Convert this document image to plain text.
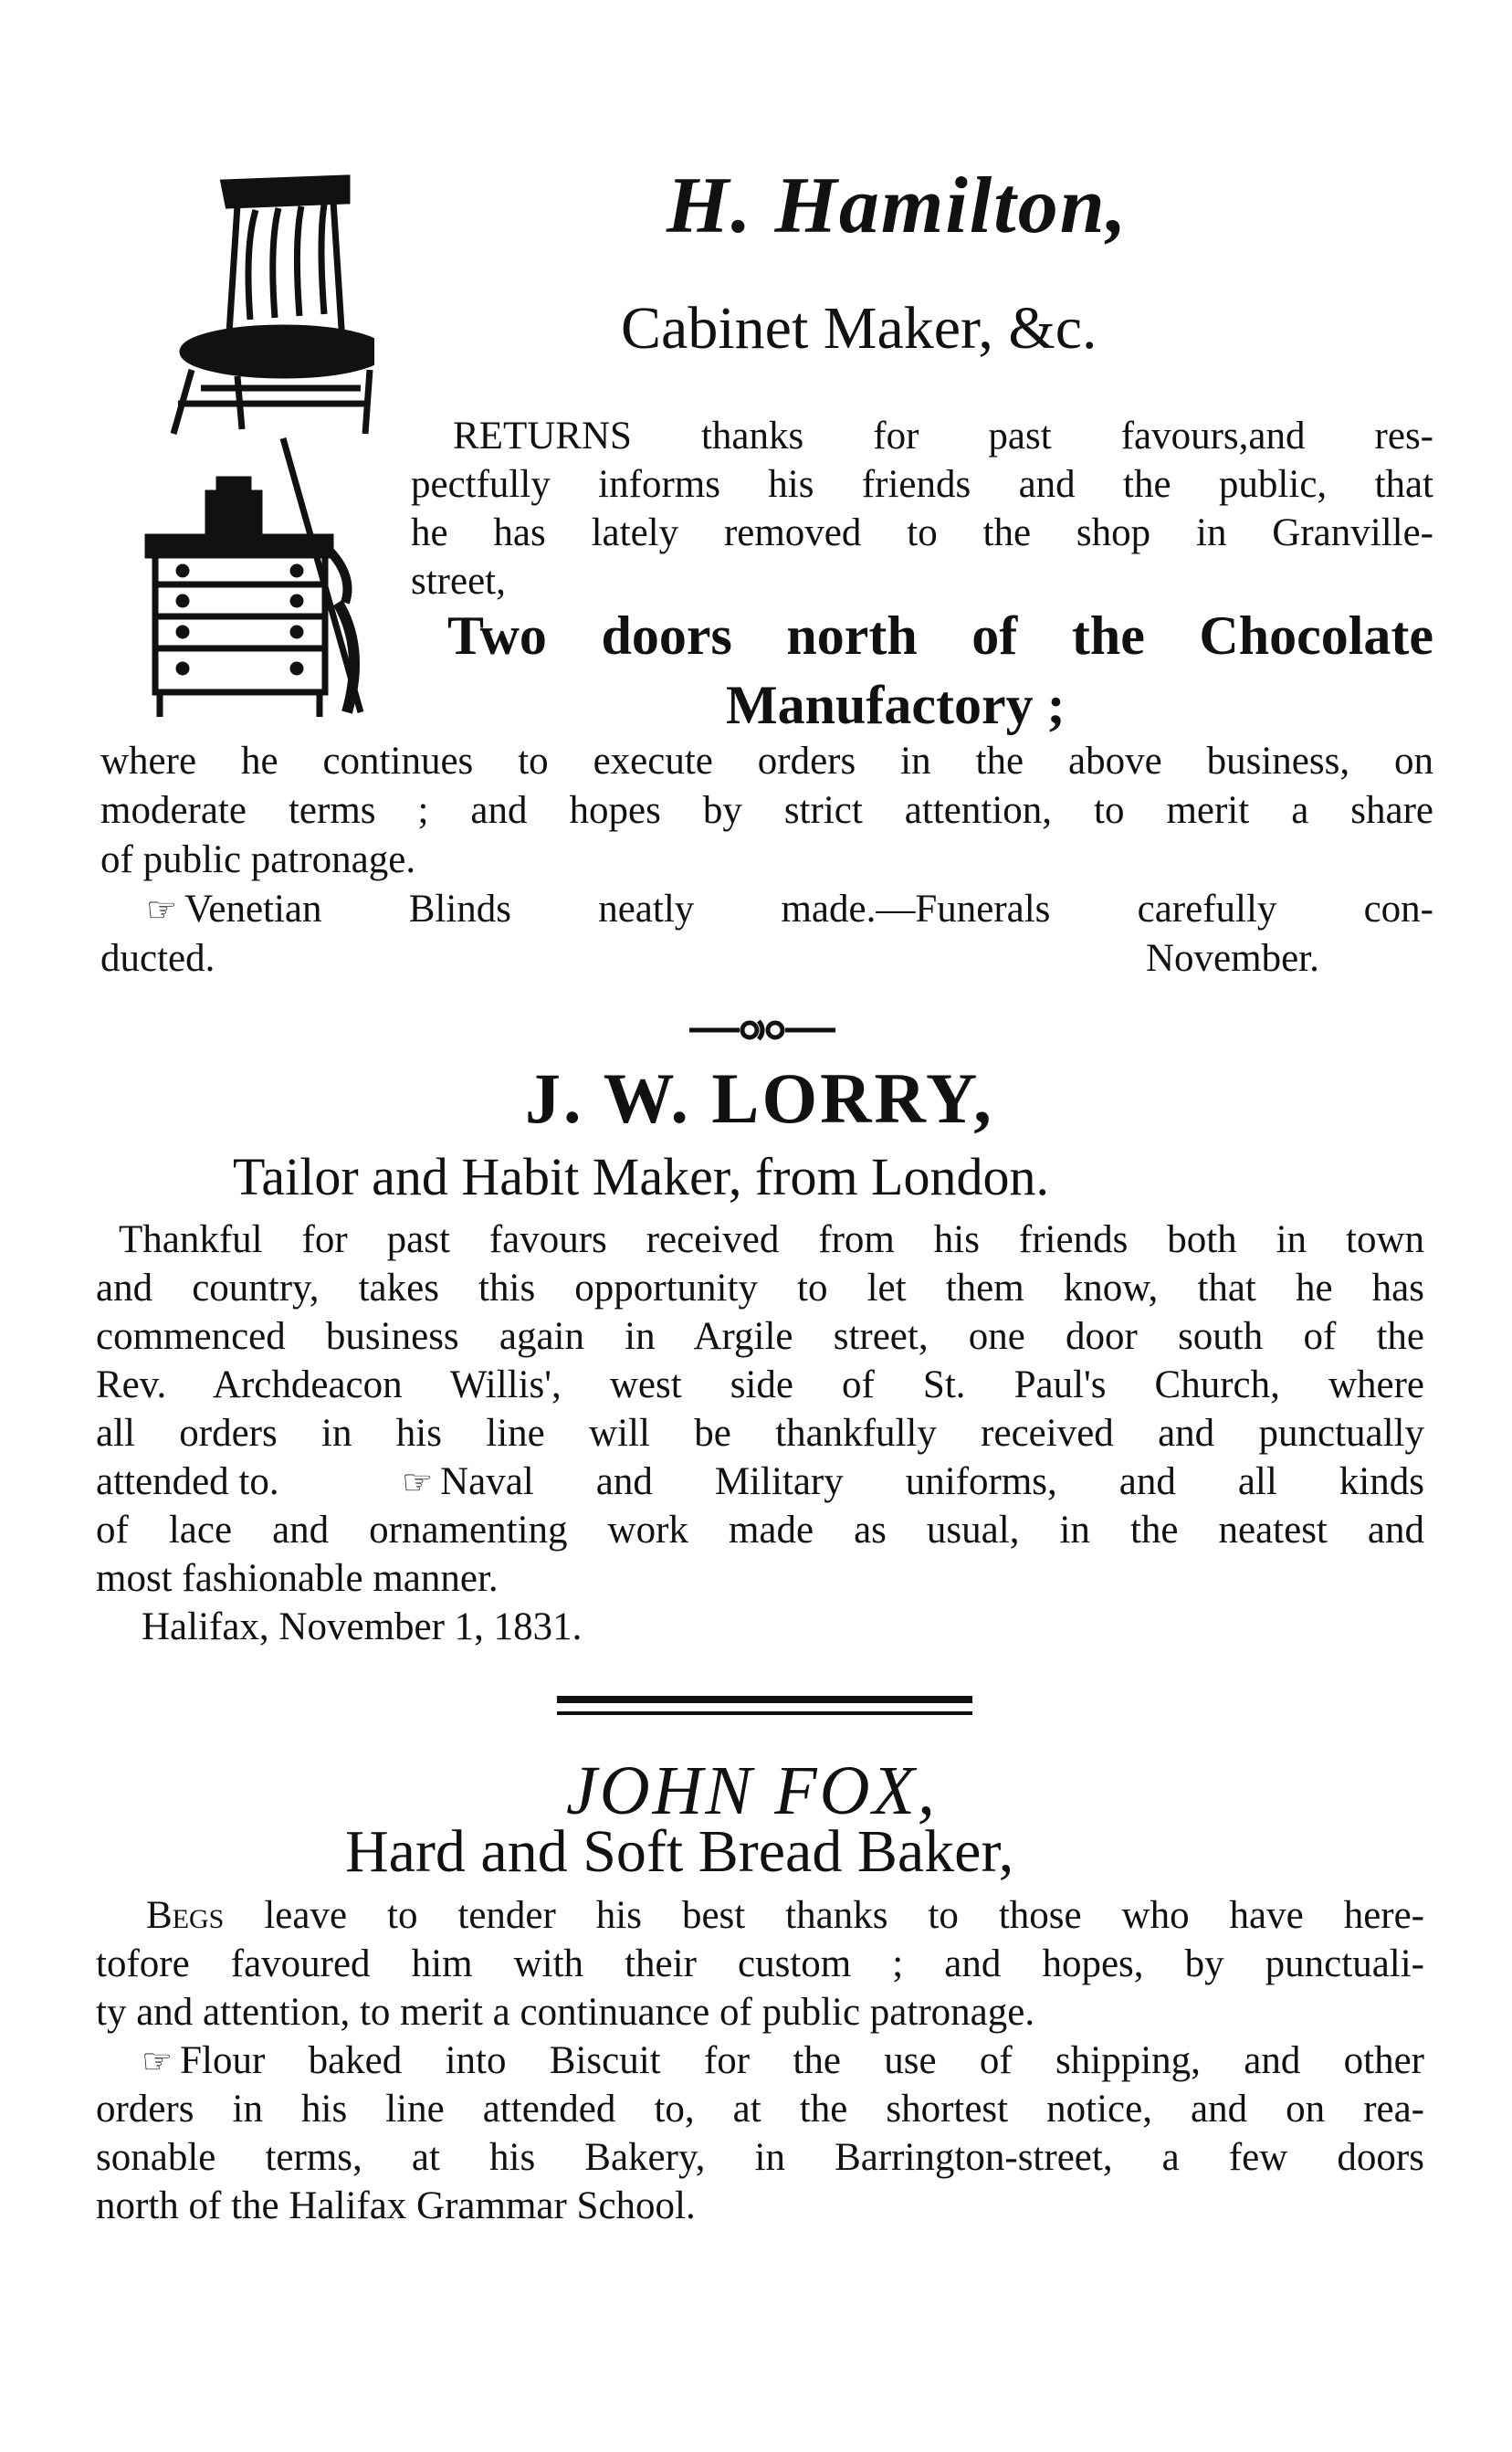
H. Hamilton,
Cabinet Maker, &c.
RETURNS thanks for past favours,and res-
pectfully informs his friends and the public, that
he has lately removed to the shop in Granville-
street,
Two doors north of the Chocolate
Manufactory ;
where he continues to execute orders in the above business, on
moderate terms ; and hopes by strict attention, to merit a share
of public patronage.
☞ Venetian Blinds neatly made.—Funerals carefully con-
ducted.	November.
J. W. LORRY,
Tailor and Habit Maker, from London.
Thankful for past favours received from his friends both in town
and country, takes this opportunity to let them know, that he has
commenced business again in Argile street, one door south of the
Rev. Archdeacon Willis', west side of St. Paul's Church, where
all orders in his line will be thankfully received and punctually
attended to.	☞ Naval and Military uniforms, and all kinds
of lace and ornamenting work made as usual, in the neatest and
most fashionable manner.
Halifax, November 1, 1831.
JOHN FOX,
Hard and Soft Bread Baker,
Begs leave to tender his best thanks to those who have here-
tofore favoured him with their custom ; and hopes, by punctuali-
ty and attention, to merit a continuance of public patronage.
☞ Flour baked into Biscuit for the use of shipping, and other
orders in his line attended to, at the shortest notice, and on rea-
sonable terms, at his Bakery, in Barrington-street, a few doors
north of the Halifax Grammar School.
